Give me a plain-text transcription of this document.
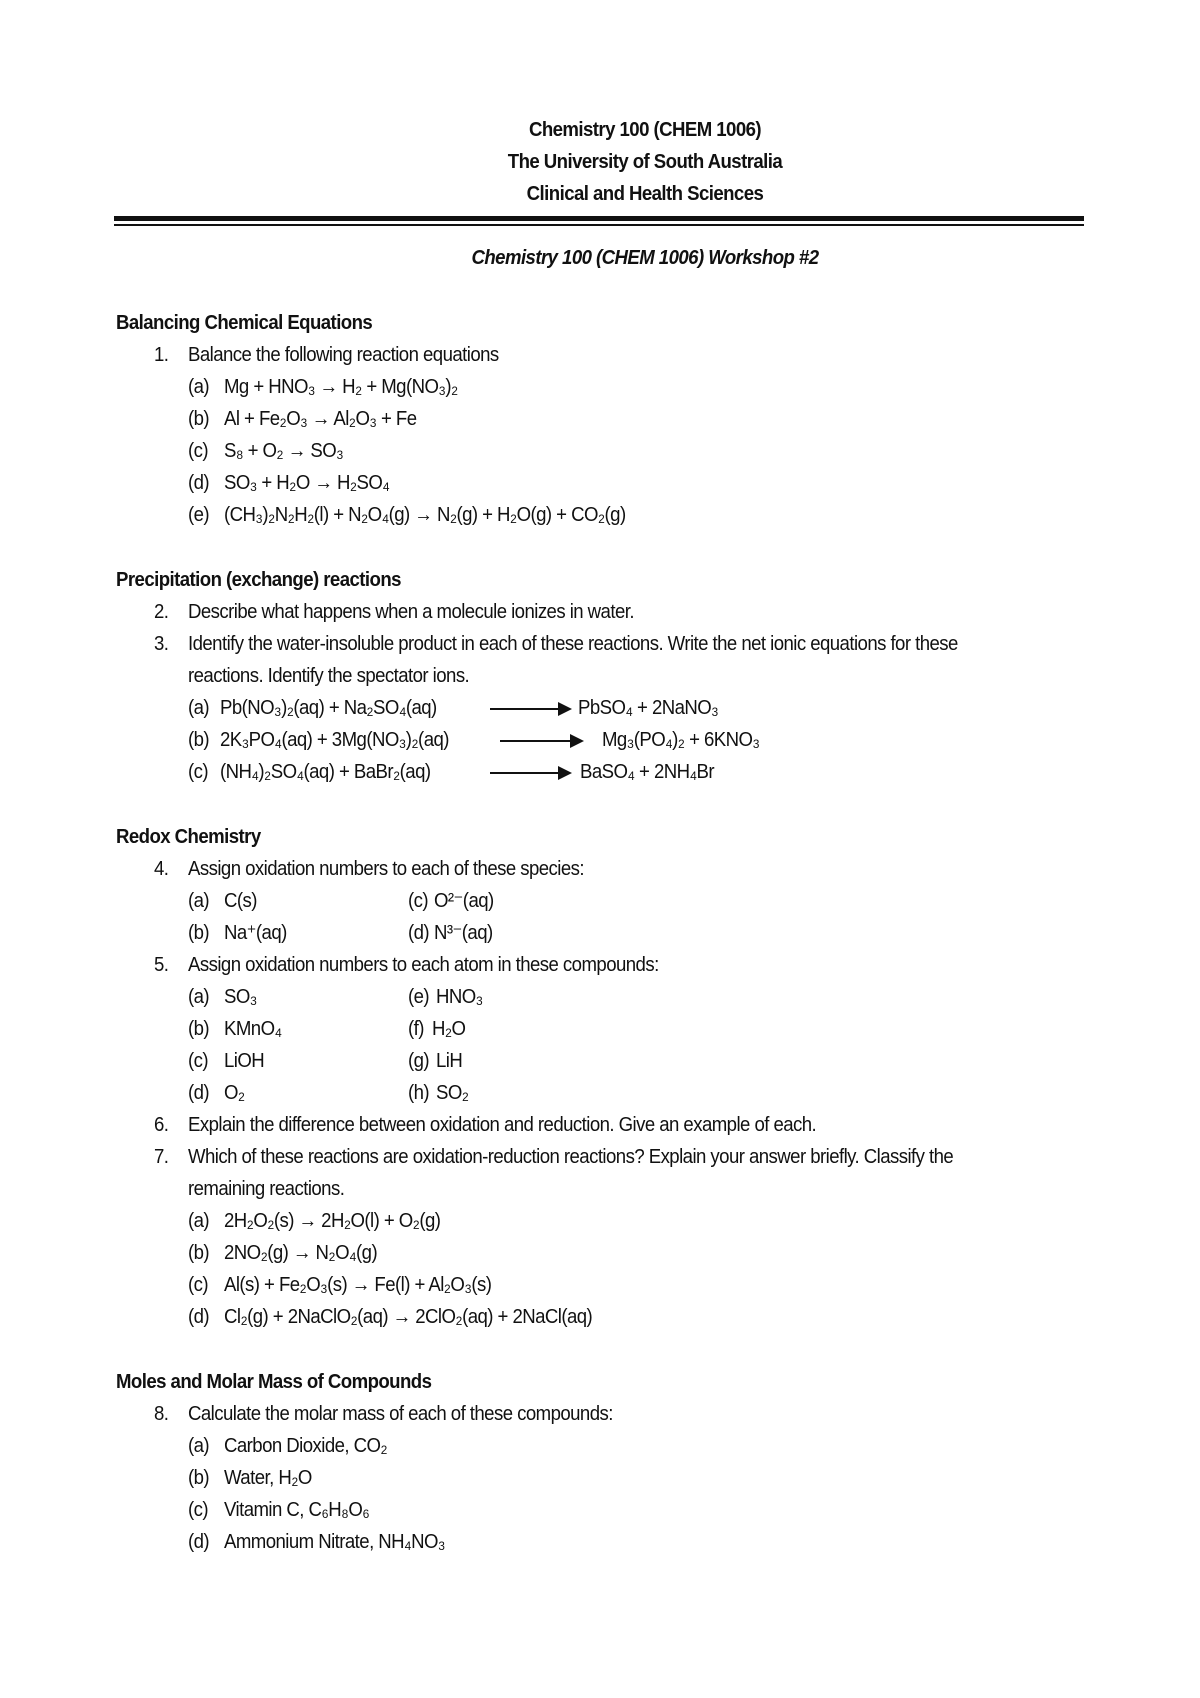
Chemistry 100 (CHEM 1006)
The University of South Australia
Clinical and Health Sciences
Chemistry 100 (CHEM 1006) Workshop #2
Balancing Chemical Equations
1. Balance the following reaction equations
(a) Mg + HNO₃ → H₂ + Mg(NO₃)₂
(b) Al + Fe₂O₃ → Al₂O₃ + Fe
(c) S₈ + O₂ → SO₃
(d) SO₃ + H₂O → H₂SO₄
(e) (CH₃)₂N₂H₂(l) + N₂O₄(g) → N₂(g) + H₂O(g) + CO₂(g)
Precipitation (exchange) reactions
2. Describe what happens when a molecule ionizes in water.
3. Identify the water-insoluble product in each of these reactions. Write the net ionic equations for these
reactions. Identify the spectator ions.
(a) Pb(NO₃)₂(aq) + Na₂SO₄(aq)	PbSO₄ + 2NaNO₃
(b) 2K₃PO₄(aq) + 3Mg(NO₃)₂(aq)	Mg₃(PO₄)₂ + 6KNO₃
(c) (NH₄)₂SO₄(aq) + BaBr₂(aq)	BaSO₄ + 2NH₄Br
Redox Chemistry
4. Assign oxidation numbers to each of these species:
(a) C(s)	(c) O²⁻(aq)
(b) Na⁺(aq)	(d) N³⁻(aq)
5. Assign oxidation numbers to each atom in these compounds:
(a) SO₃	(e) HNO₃
(b) KMnO₄	(f) H₂O
(c) LiOH	(g) LiH
(d) O₂	(h) SO₂
6. Explain the difference between oxidation and reduction. Give an example of each.
7. Which of these reactions are oxidation-reduction reactions? Explain your answer briefly. Classify the
remaining reactions.
(a) 2H₂O₂(s) → 2H₂O(l) + O₂(g)
(b) 2NO₂(g) → N₂O₄(g)
(c) Al(s) + Fe₂O₃(s) → Fe(l) + Al₂O₃(s)
(d) Cl₂(g) + 2NaClO₂(aq) → 2ClO₂(aq) + 2NaCl(aq)
Moles and Molar Mass of Compounds
8. Calculate the molar mass of each of these compounds:
(a) Carbon Dioxide, CO₂
(b) Water, H₂O
(c) Vitamin C, C₆H₈O₆
(d) Ammonium Nitrate, NH₄NO₃
